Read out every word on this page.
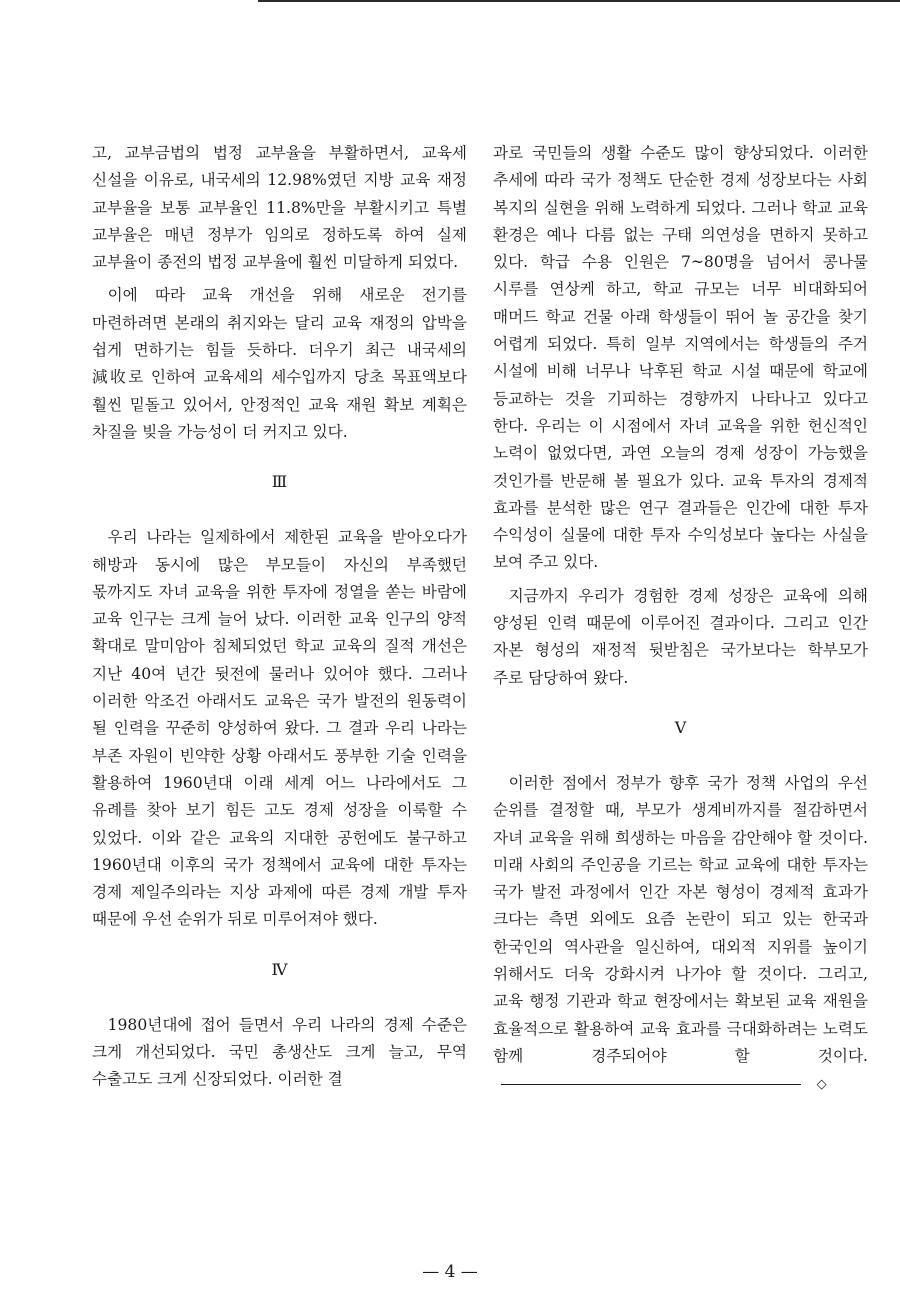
고, 교부금법의 법정 교부율을 부활하면서, 교육세 신설을 이유로, 내국세의 12.98%였던 지방 교육 재정 교부율을 보통 교부율인 11.8%만을 부활시키고 특별 교부율은 매년 정부가 임의로 정하도록 하여 실제 교부율이 종전의 법정 교부율에 훨씬 미달하게 되었다.

이에 따라 교육 개선을 위해 새로운 전기를 마련하려면 본래의 취지와는 달리 교육 재정의 압박을 쉽게 면하기는 힘들 듯하다. 더우기 최근 내국세의 減收로 인하여 교육세의 세수입까지 당초 목표액보다 훨씬 밑돌고 있어서, 안정적인 교육 재원 확보 계획은 차질을 빚을 가능성이 더 커지고 있다.

Ⅲ

우리 나라는 일제하에서 제한된 교육을 받아오다가 해방과 동시에 많은 부모들이 자신의 부족했던 몫까지도 자녀 교육을 위한 투자에 정열을 쏟는 바람에 교육 인구는 크게 늘어 났다. 이러한 교육 인구의 양적 확대로 말미암아 침체되었던 학교 교육의 질적 개선은 지난 40여 년간 뒷전에 물러나 있어야 했다. 그러나 이러한 악조건 아래서도 교육은 국가 발전의 원동력이 될 인력을 꾸준히 양성하여 왔다. 그 결과 우리 나라는 부존 자원이 빈약한 상황 아래서도 풍부한 기술 인력을 활용하여 1960년대 이래 세계 어느 나라에서도 그 유례를 찾아 보기 힘든 고도 경제 성장을 이룩할 수 있었다. 이와 같은 교육의 지대한 공헌에도 불구하고 1960년대 이후의 국가 정책에서 교육에 대한 투자는 경제 제일주의라는 지상 과제에 따른 경제 개발 투자 때문에 우선 순위가 뒤로 미루어져야 했다.

Ⅳ

1980년대에 접어 들면서 우리 나라의 경제 수준은 크게 개선되었다. 국민 총생산도 크게 늘고, 무역 수출고도 크게 신장되었다. 이러한 결

과로 국민들의 생활 수준도 많이 향상되었다. 이러한 추세에 따라 국가 정책도 단순한 경제 성장보다는 사회 복지의 실현을 위해 노력하게 되었다. 그러나 학교 교육 환경은 예나 다름 없는 구태 의연성을 면하지 못하고 있다. 학급 수용 인원은 7~80명을 넘어서 콩나물 시루를 연상케 하고, 학교 규모는 너무 비대화되어 매머드 학교 건물 아래 학생들이 뛰어 놀 공간을 찾기 어렵게 되었다. 특히 일부 지역에서는 학생들의 주거 시설에 비해 너무나 낙후된 학교 시설 때문에 학교에 등교하는 것을 기피하는 경향까지 나타나고 있다고 한다. 우리는 이 시점에서 자녀 교육을 위한 헌신적인 노력이 없었다면, 과연 오늘의 경제 성장이 가능했을 것인가를 반문해 볼 필요가 있다. 교육 투자의 경제적 효과를 분석한 많은 연구 결과들은 인간에 대한 투자 수익성이 실물에 대한 투자 수익성보다 높다는 사실을 보여 주고 있다.

지금까지 우리가 경험한 경제 성장은 교육에 의해 양성된 인력 때문에 이루어진 결과이다. 그리고 인간 자본 형성의 재정적 뒷받침은 국가보다는 학부모가 주로 담당하여 왔다.

Ⅴ

이러한 점에서 정부가 향후 국가 정책 사업의 우선 순위를 결정할 때, 부모가 생계비까지를 절감하면서 자녀 교육을 위해 희생하는 마음을 감안해야 할 것이다. 미래 사회의 주인공을 기르는 학교 교육에 대한 투자는 국가 발전 과정에서 인간 자본 형성이 경제적 효과가 크다는 측면 외에도 요즘 논란이 되고 있는 한국과 한국인의 역사관을 일신하여, 대외적 지위를 높이기 위해서도 더욱 강화시켜 나가야 할 것이다. 그리고, 교육 행정 기관과 학교 현장에서는 확보된 교육 재원을 효율적으로 활용하여 교육 효과를 극대화하려는 노력도 함께 경주되어야 할 것이다.◇

— 4 —
